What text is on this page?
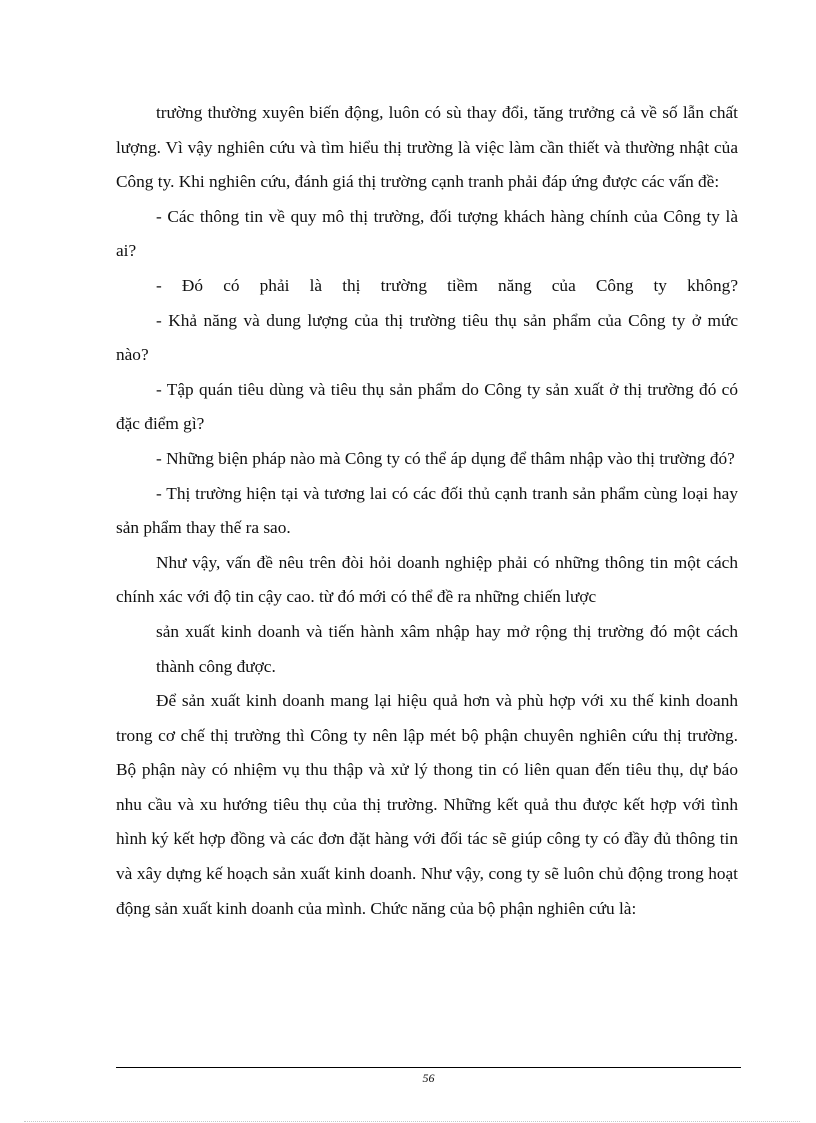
trường thường xuyên biến động, luôn có sù thay đổi, tăng trưởng cả về số lẫn chất lượng. Vì vậy nghiên cứu và tìm hiểu thị trường là việc làm cần thiết và thường nhật của Công ty. Khi nghiên cứu, đánh giá thị trường cạnh tranh phải đáp ứng được các vấn đề:

- Các thông tin về quy mô thị trường, đối tượng khách hàng chính của Công ty là ai?

- Đó có phải là thị trường tiềm năng của Công ty không?

- Khả năng và dung lượng của thị trường tiêu thụ sản phẩm của Công ty ở mức nào?

- Tập quán tiêu dùng và tiêu thụ sản phẩm do Công ty sản xuất ở thị trường đó có đặc điểm gì?

- Những biện pháp nào mà Công ty có thể áp dụng để thâm nhập vào thị trường đó?

- Thị trường hiện tại và tương lai có các đối thủ cạnh tranh sản phẩm cùng loại hay sản phẩm thay thế ra sao.

Như vậy, vấn đề nêu trên đòi hỏi doanh nghiệp phải có những thông tin một cách chính xác với độ tin cậy cao. từ đó mới có thể đề ra những chiến lược

sản xuất kinh doanh và tiến hành xâm nhập hay mở rộng thị trường đó một cách thành công được.

Để sản xuất kinh doanh mang lại hiệu quả hơn và phù hợp với xu thế kinh doanh trong cơ chế thị trường thì Công ty nên lập mét bộ phận chuyên nghiên cứu thị trường. Bộ phận này có nhiệm vụ thu thập và xử lý thong tin có liên quan đến tiêu thụ, dự báo nhu cầu và xu hướng tiêu thụ của thị trường. Những kết quả thu được kết hợp với tình hình ký kết hợp đồng và các đơn đặt hàng với đối tác sẽ giúp công ty có đầy đủ thông tin và xây dựng kế hoạch sản xuất kinh doanh. Như vậy, cong ty sẽ luôn chủ động trong hoạt động sản xuất kinh doanh của mình. Chức năng của bộ phận nghiên cứu là:

56
